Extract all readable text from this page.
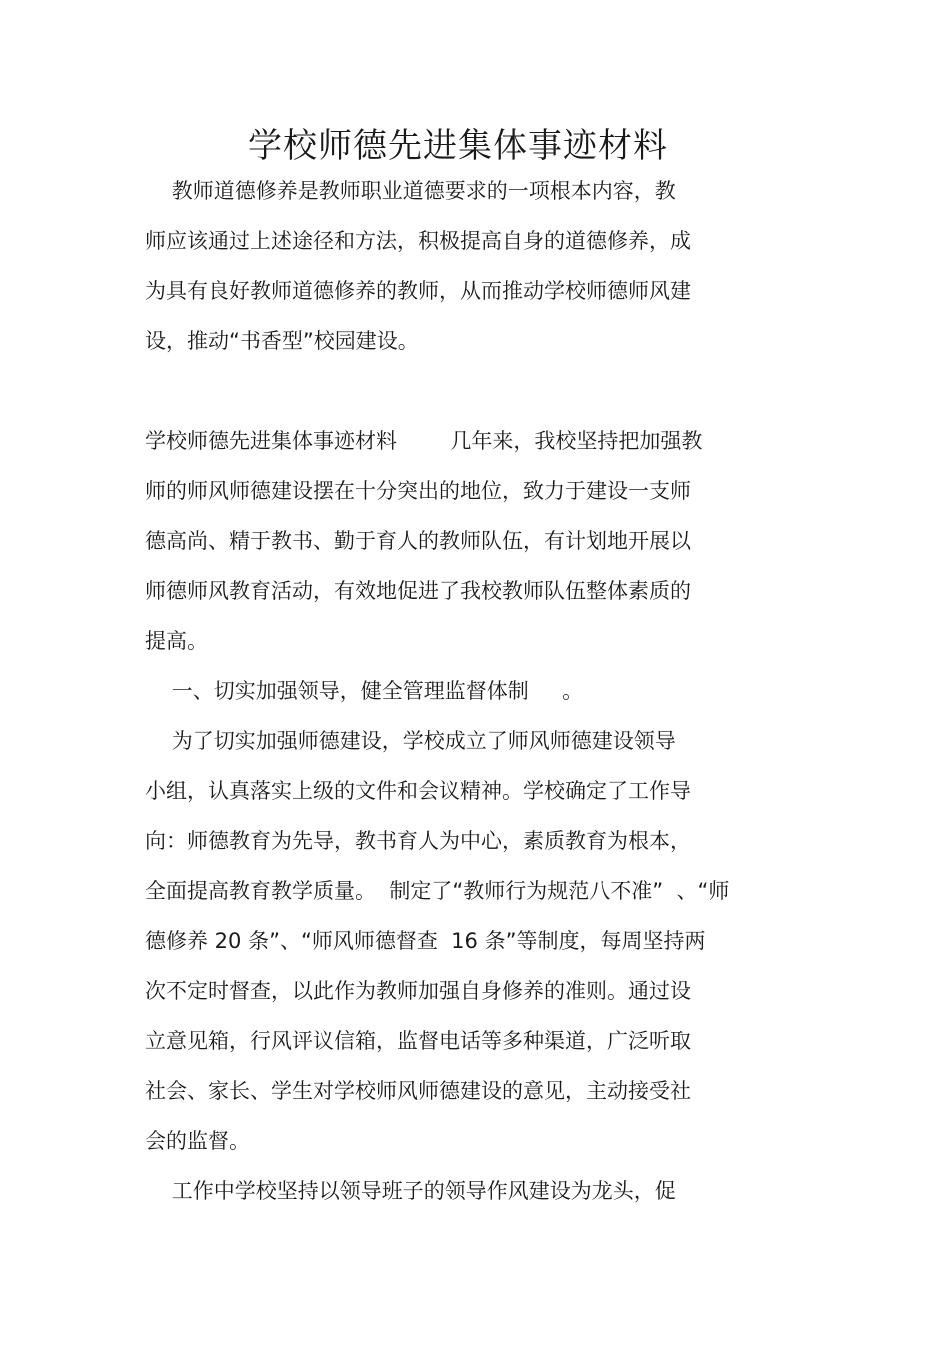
学校师德先进集体事迹材料
教师道德修养是教师职业道德要求的一项根本内容，教
师应该通过上述途径和方法，积极提高自身的道德修养，成
为具有良好教师道德修养的教师，从而推动学校师德师风建
设，推动“书香型”校园建设。
学校师德先进集体事迹材料        几年来，我校坚持把加强教
师的师风师德建设摆在十分突出的地位，致力于建设一支师
德高尚、精于教书、勤于育人的教师队伍，有计划地开展以
师德师风教育活动，有效地促进了我校教师队伍整体素质的
提高。
一、切实加强领导，健全管理监督体制     。
为了切实加强师德建设，学校成立了师风师德建设领导
小组，认真落实上级的文件和会议精神。学校确定了工作导
向：师德教育为先导，教书育人为中心，素质教育为根本，
全面提高教育教学质量。  制定了“教师行为规范八不准”  、“师
德修养 20 条”、“师风师德督查  16 条”等制度，每周坚持两
次不定时督查，以此作为教师加强自身修养的准则。通过设
立意见箱，行风评议信箱，监督电话等多种渠道，广泛听取
社会、家长、学生对学校师风师德建设的意见，主动接受社
会的监督。
工作中学校坚持以领导班子的领导作风建设为龙头，促
